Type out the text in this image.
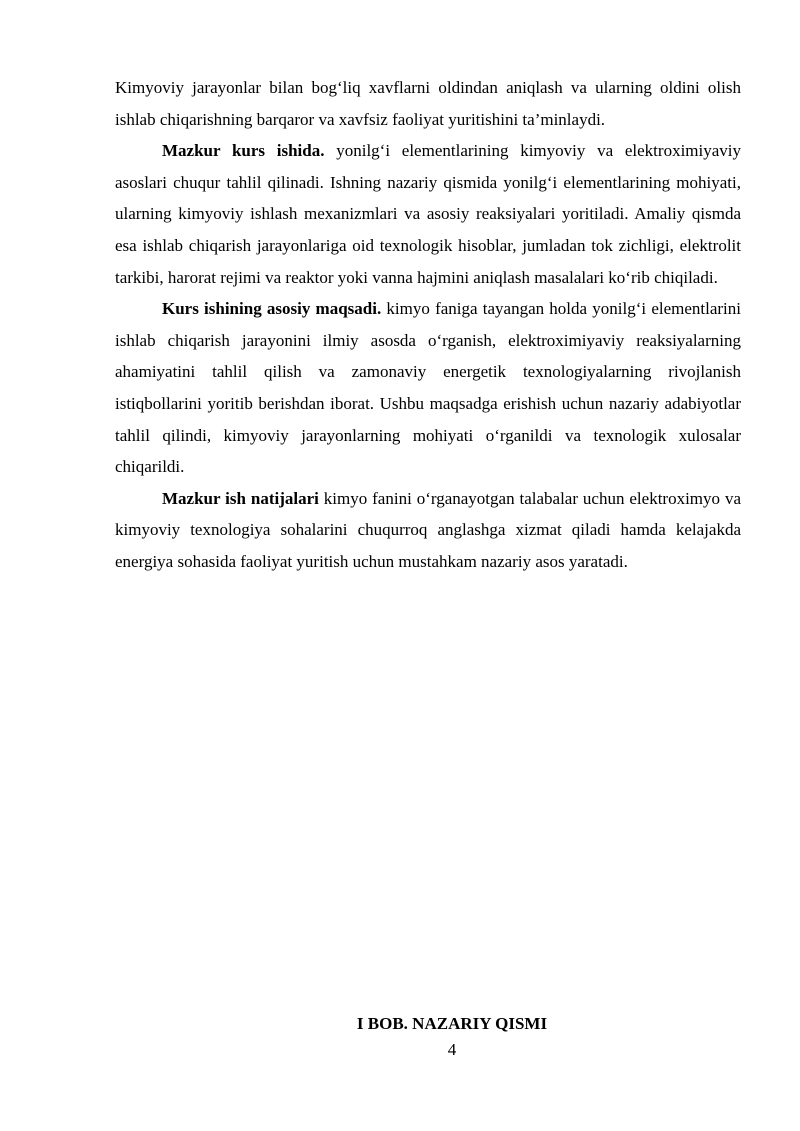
Kimyoviy jarayonlar bilan bog‘liq xavflarni oldindan aniqlash va ularning oldini olish ishlab chiqarishning barqaror va xavfsiz faoliyat yuritishini ta’minlaydi.

Mazkur kurs ishida. yonilg‘i elementlarining kimyoviy va elektroximiyaviy asoslari chuqur tahlil qilinadi. Ishning nazariy qismida yonilg‘i elementlarining mohiyati, ularning kimyoviy ishlash mexanizmlari va asosiy reaksiyalari yoritiladi. Amaliy qismda esa ishlab chiqarish jarayonlariga oid texnologik hisoblar, jumladan tok zichligi, elektrolit tarkibi, harorat rejimi va reaktor yoki vanna hajmini aniqlash masalalari ko‘rib chiqiladi.

Kurs ishining asosiy maqsadi. kimyo faniga tayangan holda yonilg‘i elementlarini ishlab chiqarish jarayonini ilmiy asosda o‘rganish, elektroximiyaviy reaksiyalarning ahamiyatini tahlil qilish va zamonaviy energetik texnologiyalarning rivojlanish istiqbollarini yoritib berishdan iborat. Ushbu maqsadga erishish uchun nazariy adabiyotlar tahlil qilindi, kimyoviy jarayonlarning mohiyati o‘rganildi va texnologik xulosalar chiqarildi.

Mazkur ish natijalari kimyo fanini o‘rganayotgan talabalar uchun elektroximyo va kimyoviy texnologiya sohalarini chuqurroq anglashga xizmat qiladi hamda kelajakda energiya sohasida faoliyat yuritish uchun mustahkam nazariy asos yaratadi.

I BOB. NAZARIY QISMI
4
